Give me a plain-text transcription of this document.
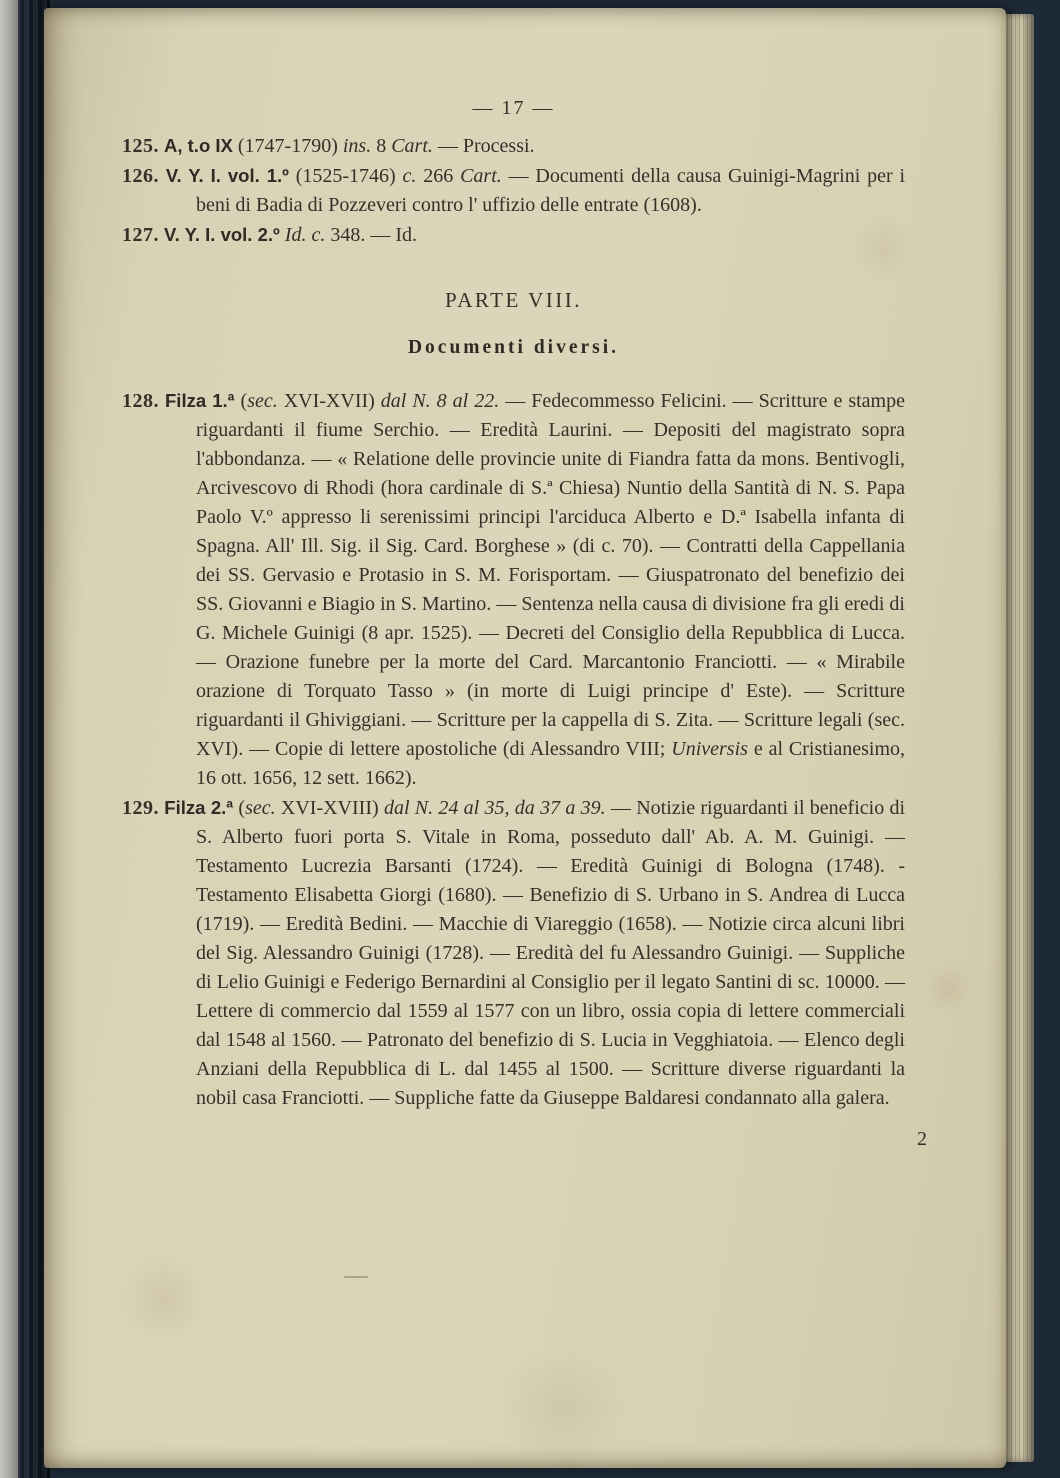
— 17 —

125. A, t.o IX (1747-1790) ins. 8 Cart. — Processi.

126. V. Y. I. vol. 1.º (1525-1746) c. 266 Cart. — Documenti della causa Guinigi-Magrini per i beni di Badia di Pozzeveri contro l' uffizio delle entrate (1608).

127. V. Y. I. vol. 2.º Id. c. 348. — Id.

PARTE VIII.
Documenti diversi.

128. Filza 1.ª (sec. XVI-XVII) dal N. 8 al 22. — Fedecommesso Felicini. — Scritture e stampe riguardanti il fiume Serchio. — Eredità Laurini. — Depositi del magistrato sopra l'abbondanza. — « Relatione delle provincie unite di Fiandra fatta da mons. Bentivogli, Arcivescovo di Rhodi (hora cardinale di S.ª Chiesa) Nuntio della Santità di N. S. Papa Paolo V.º appresso li serenissimi principi l'arciduca Alberto e D.ª Isabella infanta di Spagna. All' Ill. Sig. il Sig. Card. Borghese » (di c. 70). — Contratti della Cappellania dei SS. Gervasio e Protasio in S. M. Forisportam. — Giuspatronato del benefizio dei SS. Giovanni e Biagio in S. Martino. — Sentenza nella causa di divisione fra gli eredi di G. Michele Guinigi (8 apr. 1525). — Decreti del Consiglio della Repubblica di Lucca. — Orazione funebre per la morte del Card. Marcantonio Franciotti. — « Mirabile orazione di Torquato Tasso » (in morte di Luigi principe d' Este). — Scritture riguardanti il Ghiviggiani. — Scritture per la cappella di S. Zita. — Scritture legali (sec. XVI). — Copie di lettere apostoliche (di Alessandro VIII; Universis e al Cristianesimo, 16 ott. 1656, 12 sett. 1662).

129. Filza 2.ª (sec. XVI-XVIII) dal N. 24 al 35, da 37 a 39. — Notizie riguardanti il beneficio di S. Alberto fuori porta S. Vitale in Roma, posseduto dall' Ab. A. M. Guinigi. — Testamento Lucrezia Barsanti (1724). — Eredità Guinigi di Bologna (1748). - Testamento Elisabetta Giorgi (1680). — Benefizio di S. Urbano in S. Andrea di Lucca (1719). — Eredità Bedini. — Macchie di Viareggio (1658). — Notizie circa alcuni libri del Sig. Alessandro Guinigi (1728). — Eredità del fu Alessandro Guinigi. — Suppliche di Lelio Guinigi e Federigo Bernardini al Consiglio per il legato Santini di sc. 10000. — Lettere di commercio dal 1559 al 1577 con un libro, ossia copia di lettere commerciali dal 1548 al 1560. — Patronato del benefizio di S. Lucia in Vegghiatoia. — Elenco degli Anziani della Repubblica di L. dal 1455 al 1500. — Scritture diverse riguardanti la nobil casa Franciotti. — Suppliche fatte da Giuseppe Baldaresi condannato alla galera.

2
